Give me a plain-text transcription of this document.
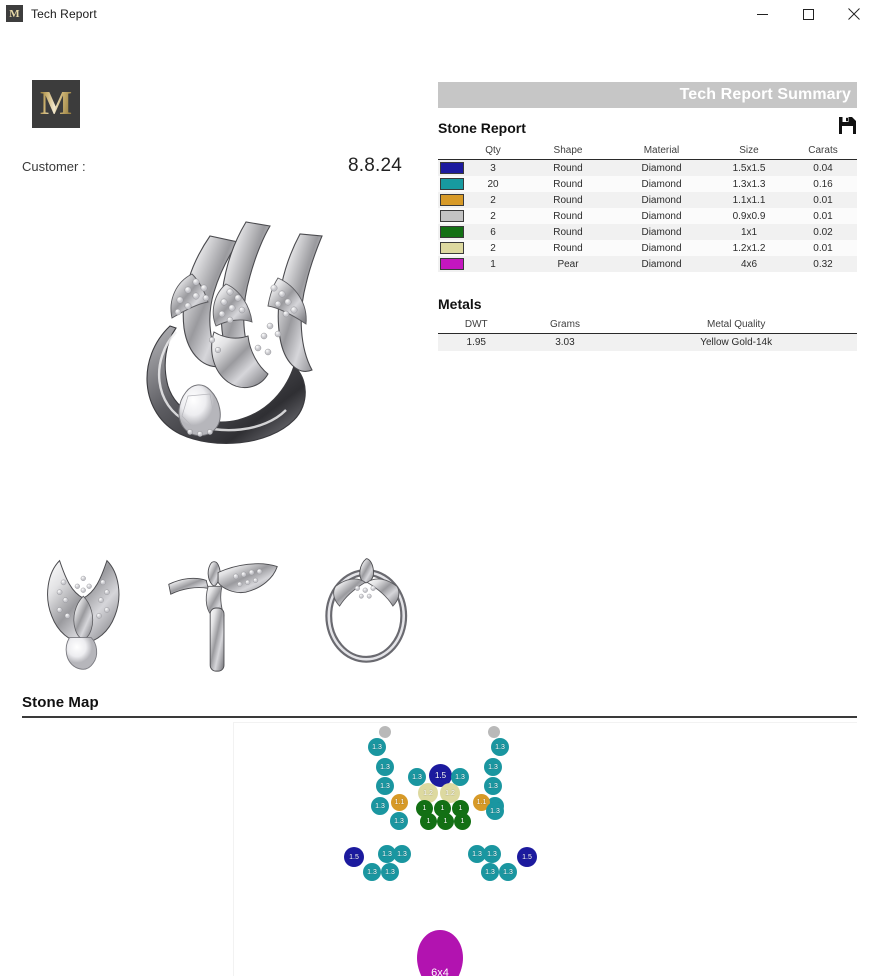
M Tech Report
M
Customer :	8.8.24
Stone Map
1.3
1.3
1.3
1.3	1.1
1.3
1.3
1.3
1.3
1.1
1.3
1.3	1.5	1.3
1.2	1.2
1	1	1
1	1	1
1.5	1.3 1.3
1.3	1.3
1.3 1.3	1.5
1.3	1.3
6x4
Tech Report Summary
Stone Report
	Qty	Shape	Material	Size	Carats
	3	Round	Diamond	1.5x1.5	0.04
	20	Round	Diamond	1.3x1.3	0.16
	2	Round	Diamond	1.1x1.1	0.01
	2	Round	Diamond	0.9x0.9	0.01
	6	Round	Diamond	1x1	0.02
	2	Round	Diamond	1.2x1.2	0.01
	1	Pear	Diamond	4x6	0.32
Metals
DWT	Grams	Metal Quality
1.95	3.03	Yellow Gold-14k
